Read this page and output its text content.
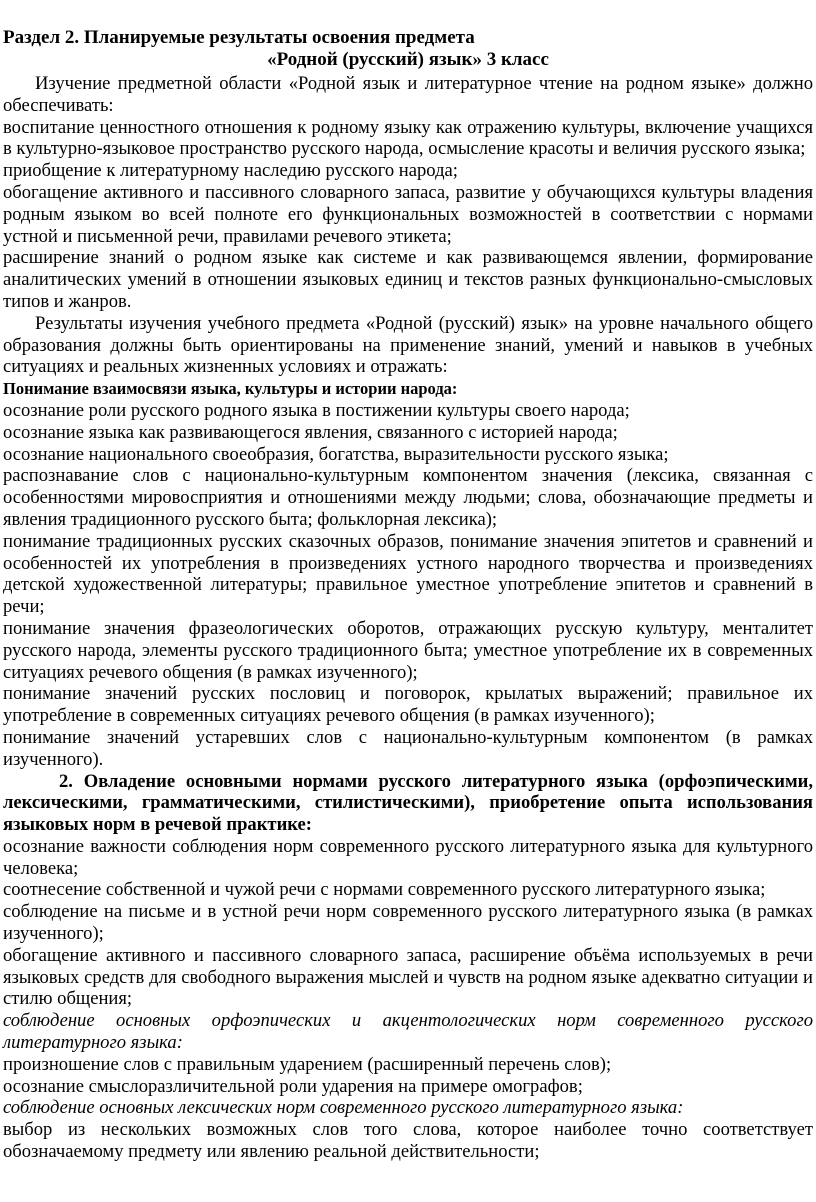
Раздел 2. Планируемые результаты освоения предмета

«Родной (русский) язык» 3 класс

Изучение предметной области «Родной язык и литературное чтение на родном языке» должно обеспечивать:

воспитание ценностного отношения к родному языку как отражению культуры, включение учащихся в культурно-языковое пространство русского народа, осмысление красоты и величия русского языка;

приобщение к литературному наследию русского народа;

обогащение активного и пассивного словарного запаса, развитие у обучающихся культуры владения родным языком во всей полноте его функциональных возможностей в соответствии с нормами устной и письменной речи, правилами речевого этикета;

расширение знаний о родном языке как системе и как развивающемся явлении, формирование аналитических умений в отношении языковых единиц и текстов разных функционально-смысловых типов и жанров.

Результаты изучения учебного предмета «Родной (русский) язык» на уровне начального общего образования должны быть ориентированы на применение знаний, умений и навыков в учебных ситуациях и реальных жизненных условиях и отражать:

Понимание взаимосвязи языка, культуры и истории народа:

осознание роли русского родного языка в постижении культуры своего народа;

осознание языка как развивающегося явления, связанного с историей народа;

осознание национального своеобразия, богатства, выразительности русского языка;

распознавание слов с национально-культурным компонентом значения (лексика, связанная с особенностями мировосприятия и отношениями между людьми; слова, обозначающие предметы и явления традиционного русского быта; фольклорная лексика);

понимание традиционных русских сказочных образов, понимание значения эпитетов и сравнений и особенностей их употребления в произведениях устного народного творчества и произведениях детской художественной литературы; правильное уместное употребление эпитетов и сравнений в речи;

понимание значения фразеологических оборотов, отражающих русскую культуру, менталитет русского народа, элементы русского традиционного быта; уместное употребление их в современных ситуациях речевого общения (в рамках изученного);

понимание значений русских пословиц и поговорок, крылатых выражений; правильное их употребление в современных ситуациях речевого общения (в рамках изученного);

понимание значений устаревших слов с национально-культурным компонентом (в рамках изученного).

2. Овладение основными нормами русского литературного языка (орфоэпическими, лексическими, грамматическими, стилистическими), приобретение опыта использования языковых норм в речевой практике:

осознание важности соблюдения норм современного русского литературного языка для культурного человека;

соотнесение собственной и чужой речи с нормами современного русского литературного языка;

соблюдение на письме и в устной речи норм современного русского литературного языка (в рамках изученного);

обогащение активного и пассивного словарного запаса, расширение объёма используемых в речи языковых средств для свободного выражения мыслей и чувств на родном языке адекватно ситуации и стилю общения;

соблюдение основных орфоэпических и акцентологических норм современного русского литературного языка:

произношение слов с правильным ударением (расширенный перечень слов);

осознание смыслоразличительной роли ударения на примере омографов;

соблюдение основных лексических норм современного русского литературного языка:

выбор из нескольких возможных слов того слова, которое наиболее точно соответствует обозначаемому предмету или явлению реальной действительности;
